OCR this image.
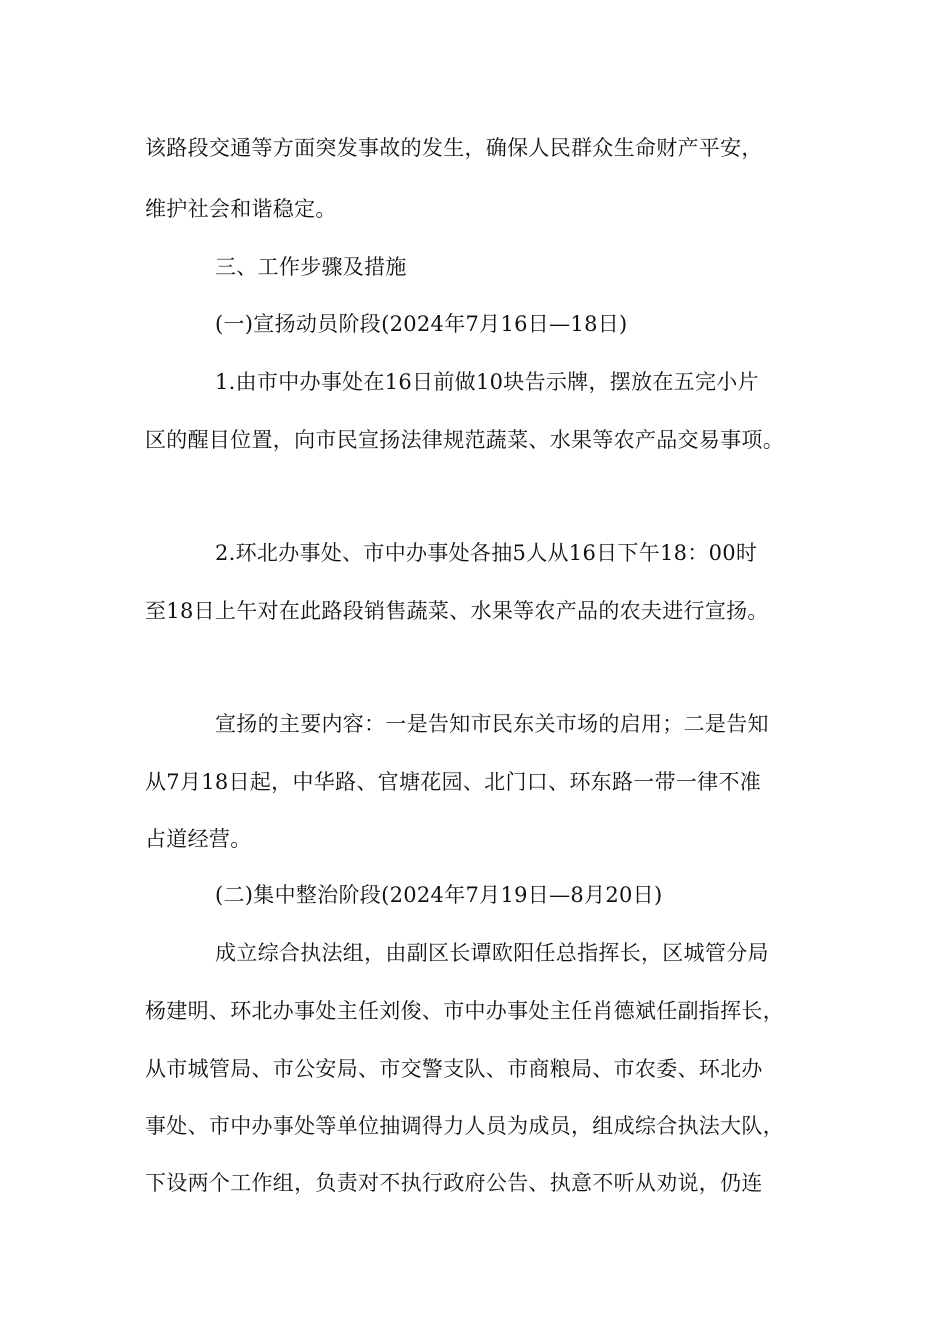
该路段交通等方面突发事故的发生，确保人民群众生命财产平安，
维护社会和谐稳定。
三、工作步骤及措施
(一)宣扬动员阶段(2024年7月16日—18日)
1.由市中办事处在16日前做10块告示牌，摆放在五完小片
区的醒目位置，向市民宣扬法律规范蔬菜、水果等农产品交易事项。
2.环北办事处、市中办事处各抽5人从16日下午18：00时
至18日上午对在此路段销售蔬菜、水果等农产品的农夫进行宣扬。
宣扬的主要内容：一是告知市民东关市场的启用；二是告知
从7月18日起，中华路、官塘花园、北门口、环东路一带一律不准
占道经营。
(二)集中整治阶段(2024年7月19日—8月20日)
成立综合执法组，由副区长谭欧阳任总指挥长，区城管分局
杨建明、环北办事处主任刘俊、市中办事处主任肖德斌任副指挥长，
从市城管局、市公安局、市交警支队、市商粮局、市农委、环北办
事处、市中办事处等单位抽调得力人员为成员，组成综合执法大队，
下设两个工作组，负责对不执行政府公告、执意不听从劝说，仍连
